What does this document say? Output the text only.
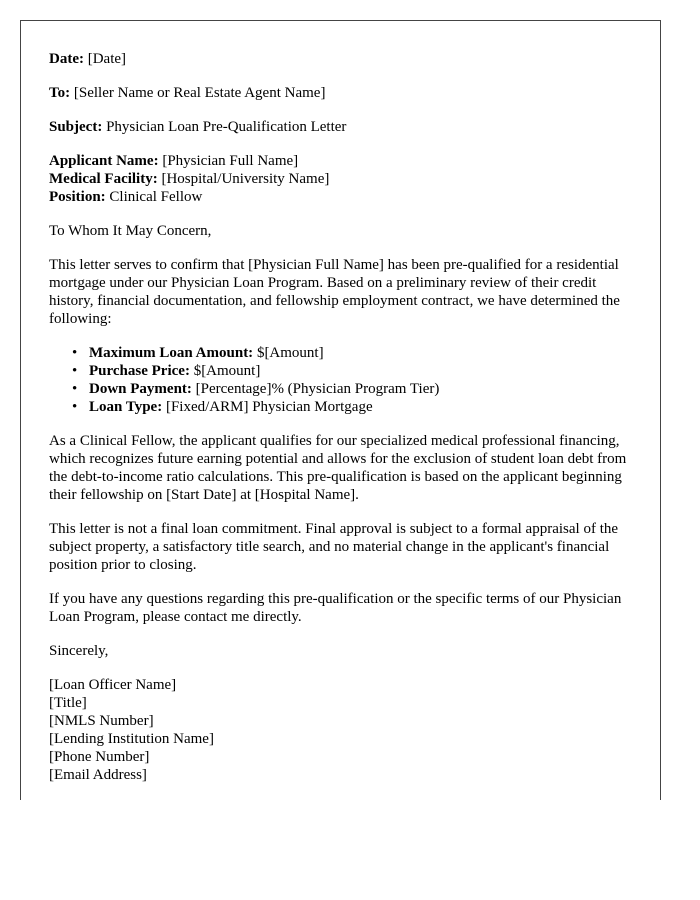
Date: [Date]

To: [Seller Name or Real Estate Agent Name]

Subject: Physician Loan Pre-Qualification Letter

Applicant Name: [Physician Full Name]
Medical Facility: [Hospital/University Name]
Position: Clinical Fellow

To Whom It May Concern,

This letter serves to confirm that [Physician Full Name] has been pre-qualified for a residential mortgage under our Physician Loan Program. Based on a preliminary review of their credit history, financial documentation, and fellowship employment contract, we have determined the following:

• Maximum Loan Amount: $[Amount]
• Purchase Price: $[Amount]
• Down Payment: [Percentage]% (Physician Program Tier)
• Loan Type: [Fixed/ARM] Physician Mortgage

As a Clinical Fellow, the applicant qualifies for our specialized medical professional financing, which recognizes future earning potential and allows for the exclusion of student loan debt from the debt-to-income ratio calculations. This pre-qualification is based on the applicant beginning their fellowship on [Start Date] at [Hospital Name].

This letter is not a final loan commitment. Final approval is subject to a formal appraisal of the subject property, a satisfactory title search, and no material change in the applicant's financial position prior to closing.

If you have any questions regarding this pre-qualification or the specific terms of our Physician Loan Program, please contact me directly.

Sincerely,

[Loan Officer Name]
[Title]
[NMLS Number]
[Lending Institution Name]
[Phone Number]
[Email Address]
